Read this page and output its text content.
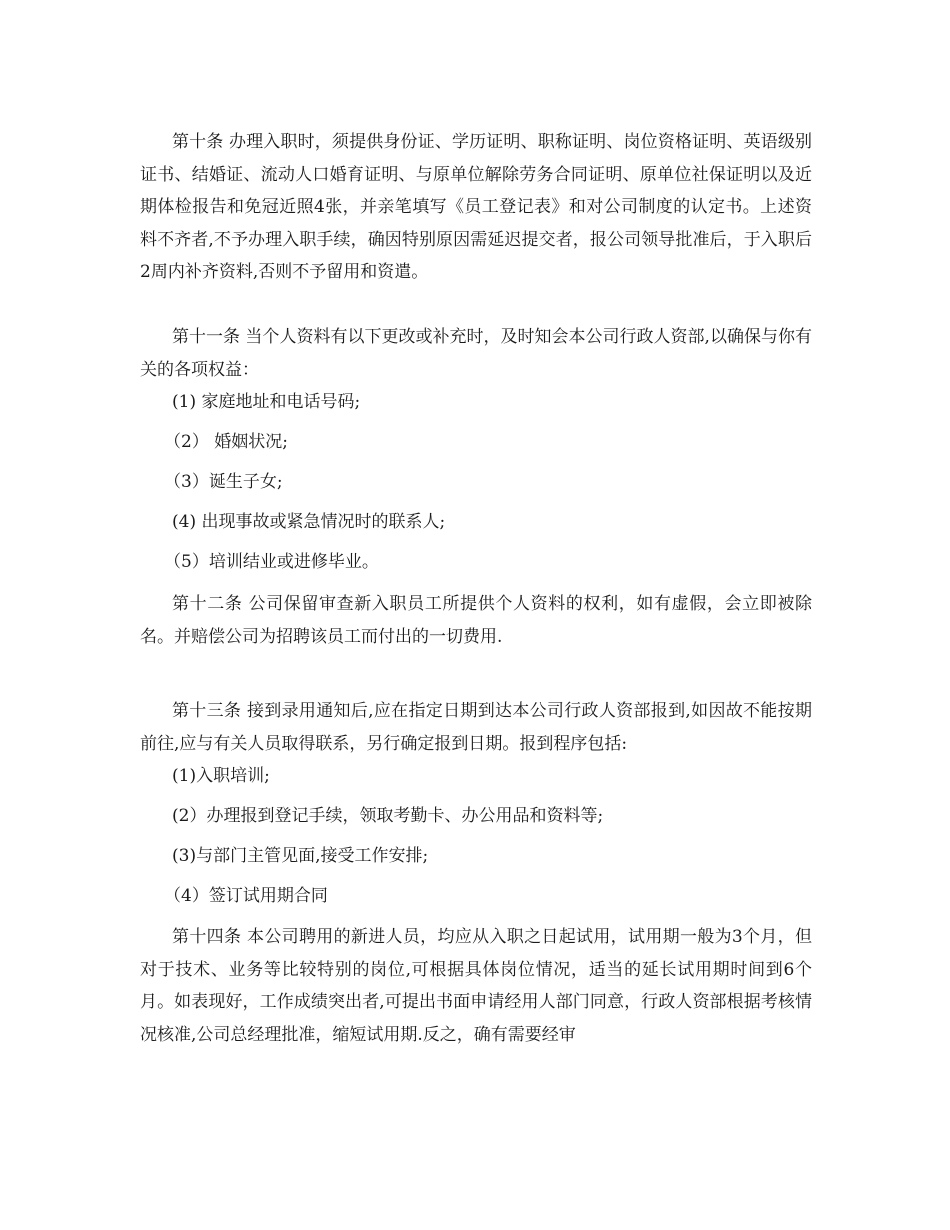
第十条 办理入职时，须提供身份证、学历证明、职称证明、岗位资格证明、英语级别证书、结婚证、流动人口婚育证明、与原单位解除劳务合同证明、原单位社保证明以及近期体检报告和免冠近照4张，并亲笔填写《员工登记表》和对公司制度的认定书。上述资料不齐者,不予办理入职手续，确因特别原因需延迟提交者，报公司领导批准后，于入职后2周内补齐资料,否则不予留用和资遣。

第十一条 当个人资料有以下更改或补充时，及时知会本公司行政人资部,以确保与你有关的各项权益：

(1) 家庭地址和电话号码;

（2） 婚姻状况;

（3）诞生子女;

(4) 出现事故或紧急情况时的联系人;

（5）培训结业或进修毕业。

第十二条 公司保留审查新入职员工所提供个人资料的权利，如有虚假，会立即被除名。并赔偿公司为招聘该员工而付出的一切费用.

第十三条 接到录用通知后,应在指定日期到达本公司行政人资部报到,如因故不能按期前往,应与有关人员取得联系，另行确定报到日期。报到程序包括:

(1)入职培训;

(2）办理报到登记手续，领取考勤卡、办公用品和资料等;

(3)与部门主管见面,接受工作安排;

（4）签订试用期合同

第十四条 本公司聘用的新进人员，均应从入职之日起试用，试用期一般为3个月，但对于技术、业务等比较特别的岗位,可根据具体岗位情况，适当的延长试用期时间到6个月。如表现好，工作成绩突出者,可提出书面申请经用人部门同意，行政人资部根据考核情况核准,公司总经理批准，缩短试用期.反之，确有需要经审
